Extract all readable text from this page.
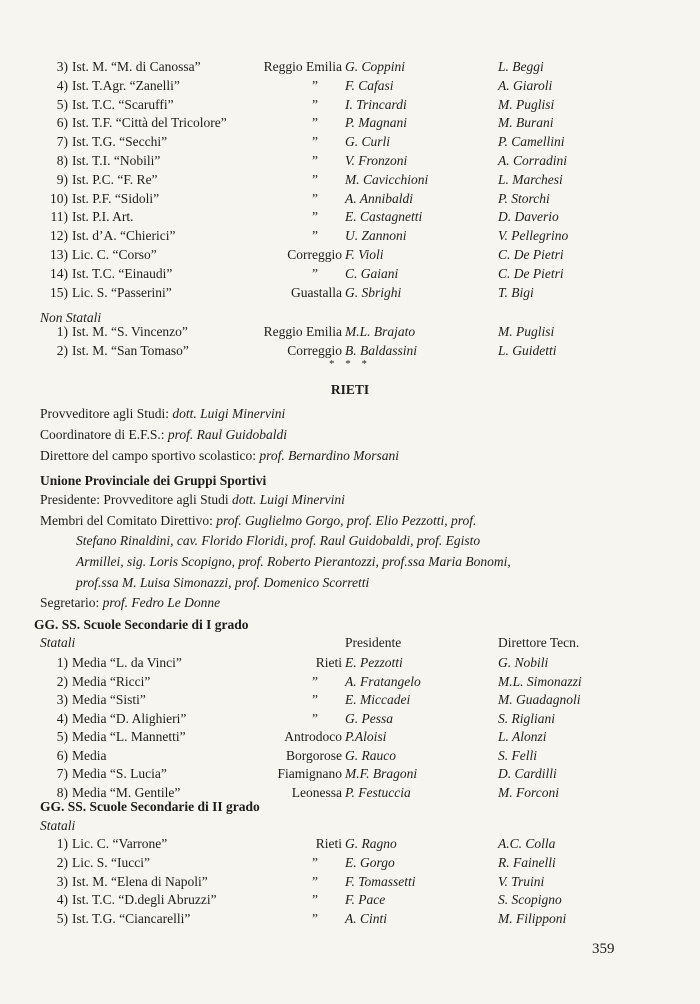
3) Ist. M. “M. di Canossa”	Reggio Emilia G. Coppini	L. Beggi
4) Ist. T.Agr. “Zanelli”	”	F. Cafasi	A. Giaroli
5) Ist. T.C. “Scaruffi”	”	I. Trincardi	M. Puglisi
6) Ist. T.F. “Città del Tricolore”	”	P. Magnani	M. Burani
7) Ist. T.G. “Secchi”	”	G. Curli	P. Camellini
8) Ist. T.I. “Nobili”	”	V. Fronzoni	A. Corradini
9) Ist. P.C. “F. Re”	”	M. Cavicchioni	L. Marchesi
10) Ist. P.F. “Sidoli”	”	A. Annibaldi	P. Storchi
11) Ist. P.I. Art.	”	E. Castagnetti	D. Daverio
12) Ist. d’A. “Chierici”	”	U. Zannoni	V. Pellegrino
13) Lic. C. “Corso”	Correggio F. Violi	C. De Pietri
14) Ist. T.C. “Einaudi”	”	C. Gaiani	C. De Pietri
15) Lic. S. “Passerini”	Guastalla G. Sbrighi	T. Bigi
Non Statali
1) Ist. M. “S. Vincenzo”	Reggio Emilia M.L. Brajato	M. Puglisi
2) Ist. M. “San Tomaso”	Correggio B. Baldassini	L. Guidetti
* * *
RIETI
Provveditore agli Studi: dott. Luigi Minervini
Coordinatore di E.F.S.: prof. Raul Guidobaldi
Direttore del campo sportivo scolastico: prof. Bernardino Morsani
Unione Provinciale dei Gruppi Sportivi
Presidente: Provveditore agli Studi dott. Luigi Minervini
Membri del Comitato Direttivo: prof. Guglielmo Gorgo, prof. Elio Pezzotti, prof.
Stefano Rinaldini, cav. Florido Floridi, prof. Raul Guidobaldi, prof. Egisto
Armillei, sig. Loris Scopigno, prof. Roberto Pierantozzi, prof.ssa Maria Bonomi,
prof.ssa M. Luisa Simonazzi, prof. Domenico Scorretti
Segretario: prof. Fedro Le Donne
GG. SS. Scuole Secondarie di I grado
Statali	Presidente	Direttore Tecn.
1) Media “L. da Vinci”	Rieti E. Pezzotti	G. Nobili
2) Media “Ricci”	”	A. Fratangelo	M.L. Simonazzi
3) Media “Sisti”	”	E. Miccadei	M. Guadagnoli
4) Media “D. Alighieri”	”	G. Pessa	S. Rigliani
5) Media “L. Mannetti”	Antrodoco P.Aloisi	L. Alonzi
6) Media	Borgorose G. Rauco	S. Felli
7) Media “S. Lucia”	Fiamignano M.F. Bragoni	D. Cardilli
8) Media “M. Gentile”	Leonessa P. Festuccia	M. Forconi
GG. SS. Scuole Secondarie di II grado
Statali
1) Lic. C. “Varrone”	Rieti G. Ragno	A.C. Colla
2) Lic. S. “Iucci”	”	E. Gorgo	R. Fainelli
3) Ist. M. “Elena di Napoli”	”	F. Tomassetti	V. Truini
4) Ist. T.C. “D.degli Abruzzi”	”	F. Pace	S. Scopigno
5) Ist. T.G. “Ciancarelli”	”	A. Cinti	M. Filipponi
359
